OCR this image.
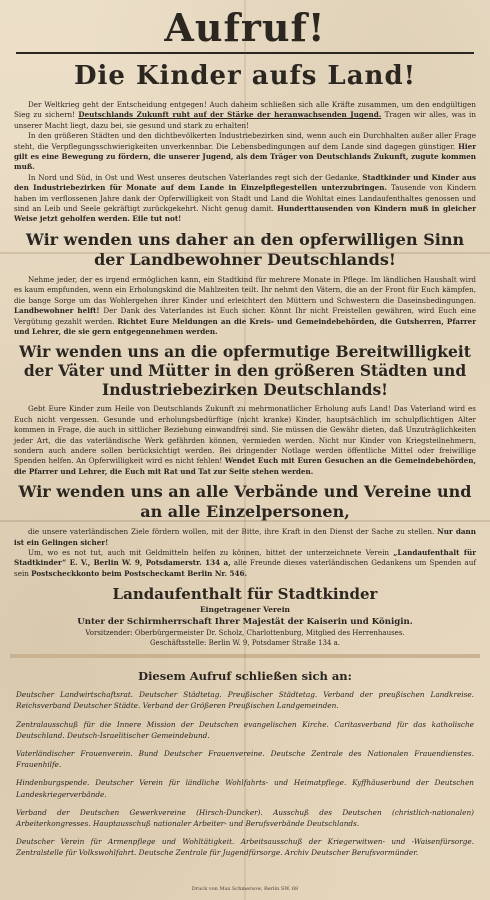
Aufruf!
Die Kinder aufs Land!

Der Weltkrieg geht der Entscheidung entgegen! Auch daheim schließen sich alle Kräfte zusammen, um den endgültigen Sieg zu sichern! Deutschlands Zukunft ruht auf der Stärke der heranwachsenden Jugend. Tragen wir alles, was in unserer Macht liegt, dazu bei, sie gesund und stark zu erhalten!

In den größeren Städten und den dichtbevölkerten Industriebezirken sind, wenn auch ein Durchhalten außer aller Frage steht, die Verpflegungsschwierigkeiten unverkennbar. Die Lebensbedingungen auf dem Lande sind dagegen günstiger. Hier gilt es eine Bewegung zu fördern, die unserer Jugend, als dem Träger von Deutschlands Zukunft, zugute kommen muß.

In Nord und Süd, in Ost und West unseres deutschen Vaterlandes regt sich der Gedanke, Stadtkinder und Kinder aus den Industriebezirken für Monate auf dem Lande in Einzelpflegestellen unterzubringen. Tausende von Kindern haben im verflossenen Jahre dank der Opferwilligkeit von Stadt und Land die Wohltat eines Landaufenthaltes genossen und sind an Leib und Seele gekräftigt zurückgekehrt. Nicht genug damit. Hunderttausenden von Kindern muß in gleicher Weise jetzt geholfen werden. Eile tut not!

Wir wenden uns daher an den opferwilligen Sinn der Landbewohner Deutschlands!

Nehme jeder, der es irgend ermöglichen kann, ein Stadtkind für mehrere Monate in Pflege. Im ländlichen Haushalt wird es kaum empfunden, wenn ein Erholungskind die Mahlzeiten teilt. Ihr nehmt den Vätern, die an der Front für Euch kämpfen, die bange Sorge um das Wohlergehen ihrer Kinder und erleichtert den Müttern und Schwestern die Daseinsbedingungen. Landbewohner helft! Der Dank des Vaterlandes ist Euch sicher. Könnt Ihr nicht Freistellen gewähren, wird Euch eine Vergütung gezahlt werden. Richtet Eure Meldungen an die Kreis- und Gemeindebehörden, die Gutsherren, Pfarrer und Lehrer, die sie gern entgegennehmen werden.

Wir wenden uns an die opfermutige Bereitwilligkeit der Väter und Mütter in den größeren Städten und Industriebezirken Deutschlands!

Gebt Eure Kinder zum Heile von Deutschlands Zukunft zu mehrmonatlicher Erholung aufs Land! Das Vaterland wird es Euch nicht vergessen. Gesunde und erholungsbedürftige (nicht kranke) Kinder, hauptsächlich im schulpflichtigen Alter kommen in Frage, die auch in sittlicher Beziehung einwandfrei sind. Sie müssen die Gewähr dieten, daß Unzuträglichkeiten jeder Art, die das vaterländische Werk gefährden können, vermieden werden. Nicht nur Kinder von Kriegsteilnehmern, sondern auch andere sollen berücksichtigt werden. Bei dringender Notlage werden öffentliche Mittel oder freiwillige Spenden helfen. An Opferwilligkeit wird es nicht fehlen! Wendet Euch mit Euren Gesuchen an die Gemeindebehörden, die Pfarrer und Lehrer, die Euch mit Rat und Tat zur Seite stehen werden.

Wir wenden uns an alle Verbände und Vereine und an alle Einzelpersonen,

die unsere vaterländischen Ziele fördern wollen, mit der Bitte, ihre Kraft in den Dienst der Sache zu stellen. Nur dann ist ein Gelingen sicher!

Um, wo es not tut, auch mit Geldmitteln helfen zu können, bittet der unterzeichnete Verein „Landaufenthalt für Stadtkinder“ E. V., Berlin W. 9, Potsdamerstr. 134 a, alle Freunde dieses vaterländischen Gedankens um Spenden auf sein Postscheckkonto beim Postscheckamt Berlin Nr. 546.

Landaufenthalt für Stadtkinder
Eingetragener Verein
Unter der Schirmherrschaft Ihrer Majestät der Kaiserin und Königin.
Vorsitzender: Oberbürgermeister Dr. Scholz, Charlottenburg, Mitglied des Herrenhauses.
Geschäftsstelle: Berlin W. 9, Potsdamer Straße 134 a.
Diesem Aufruf schließen sich an:

Deutscher Landwirtschaftsrat. Deutscher Städtetag. Preußischer Städtetag. Verband der preußischen Landkreise. Reichsverband Deutscher Städte. Verband der Größeren Preußischen Landgemeinden.

Zentralausschuß für die Innere Mission der Deutschen evangelischen Kirche. Caritasverband für das katholische Deutschland. Deutsch-Israelitischer Gemeindebund.

Vaterländischer Frauenverein. Bund Deutscher Frauenvereine. Deutsche Zentrale des Nationalen Frauendienstes. Frauenhilfe.

Hindenburgspende. Deutscher Verein für ländliche Wohlfahrts- und Heimatpflege. Kyffhäuserbund der Deutschen Landeskriegerverbände.

Verband der Deutschen Gewerkvereine (Hirsch-Duncker). Ausschuß des Deutschen (christlich-nationalen) Arbeiterkongresses. Hauptausschuß nationaler Arbeiter- und Berufsverbände Deutschlands.

Deutscher Verein für Armenpflege und Wohltätigkeit. Arbeitsausschuß der Kriegerwitwen- und -Waisenfürsorge. Zentralstelle für Volkswohlfahrt. Deutsche Zentrale für Jugendfürsorge. Archiv Deutscher Berufsvormünder.

Druck von Max Schmersow, Berlin SW. 68
